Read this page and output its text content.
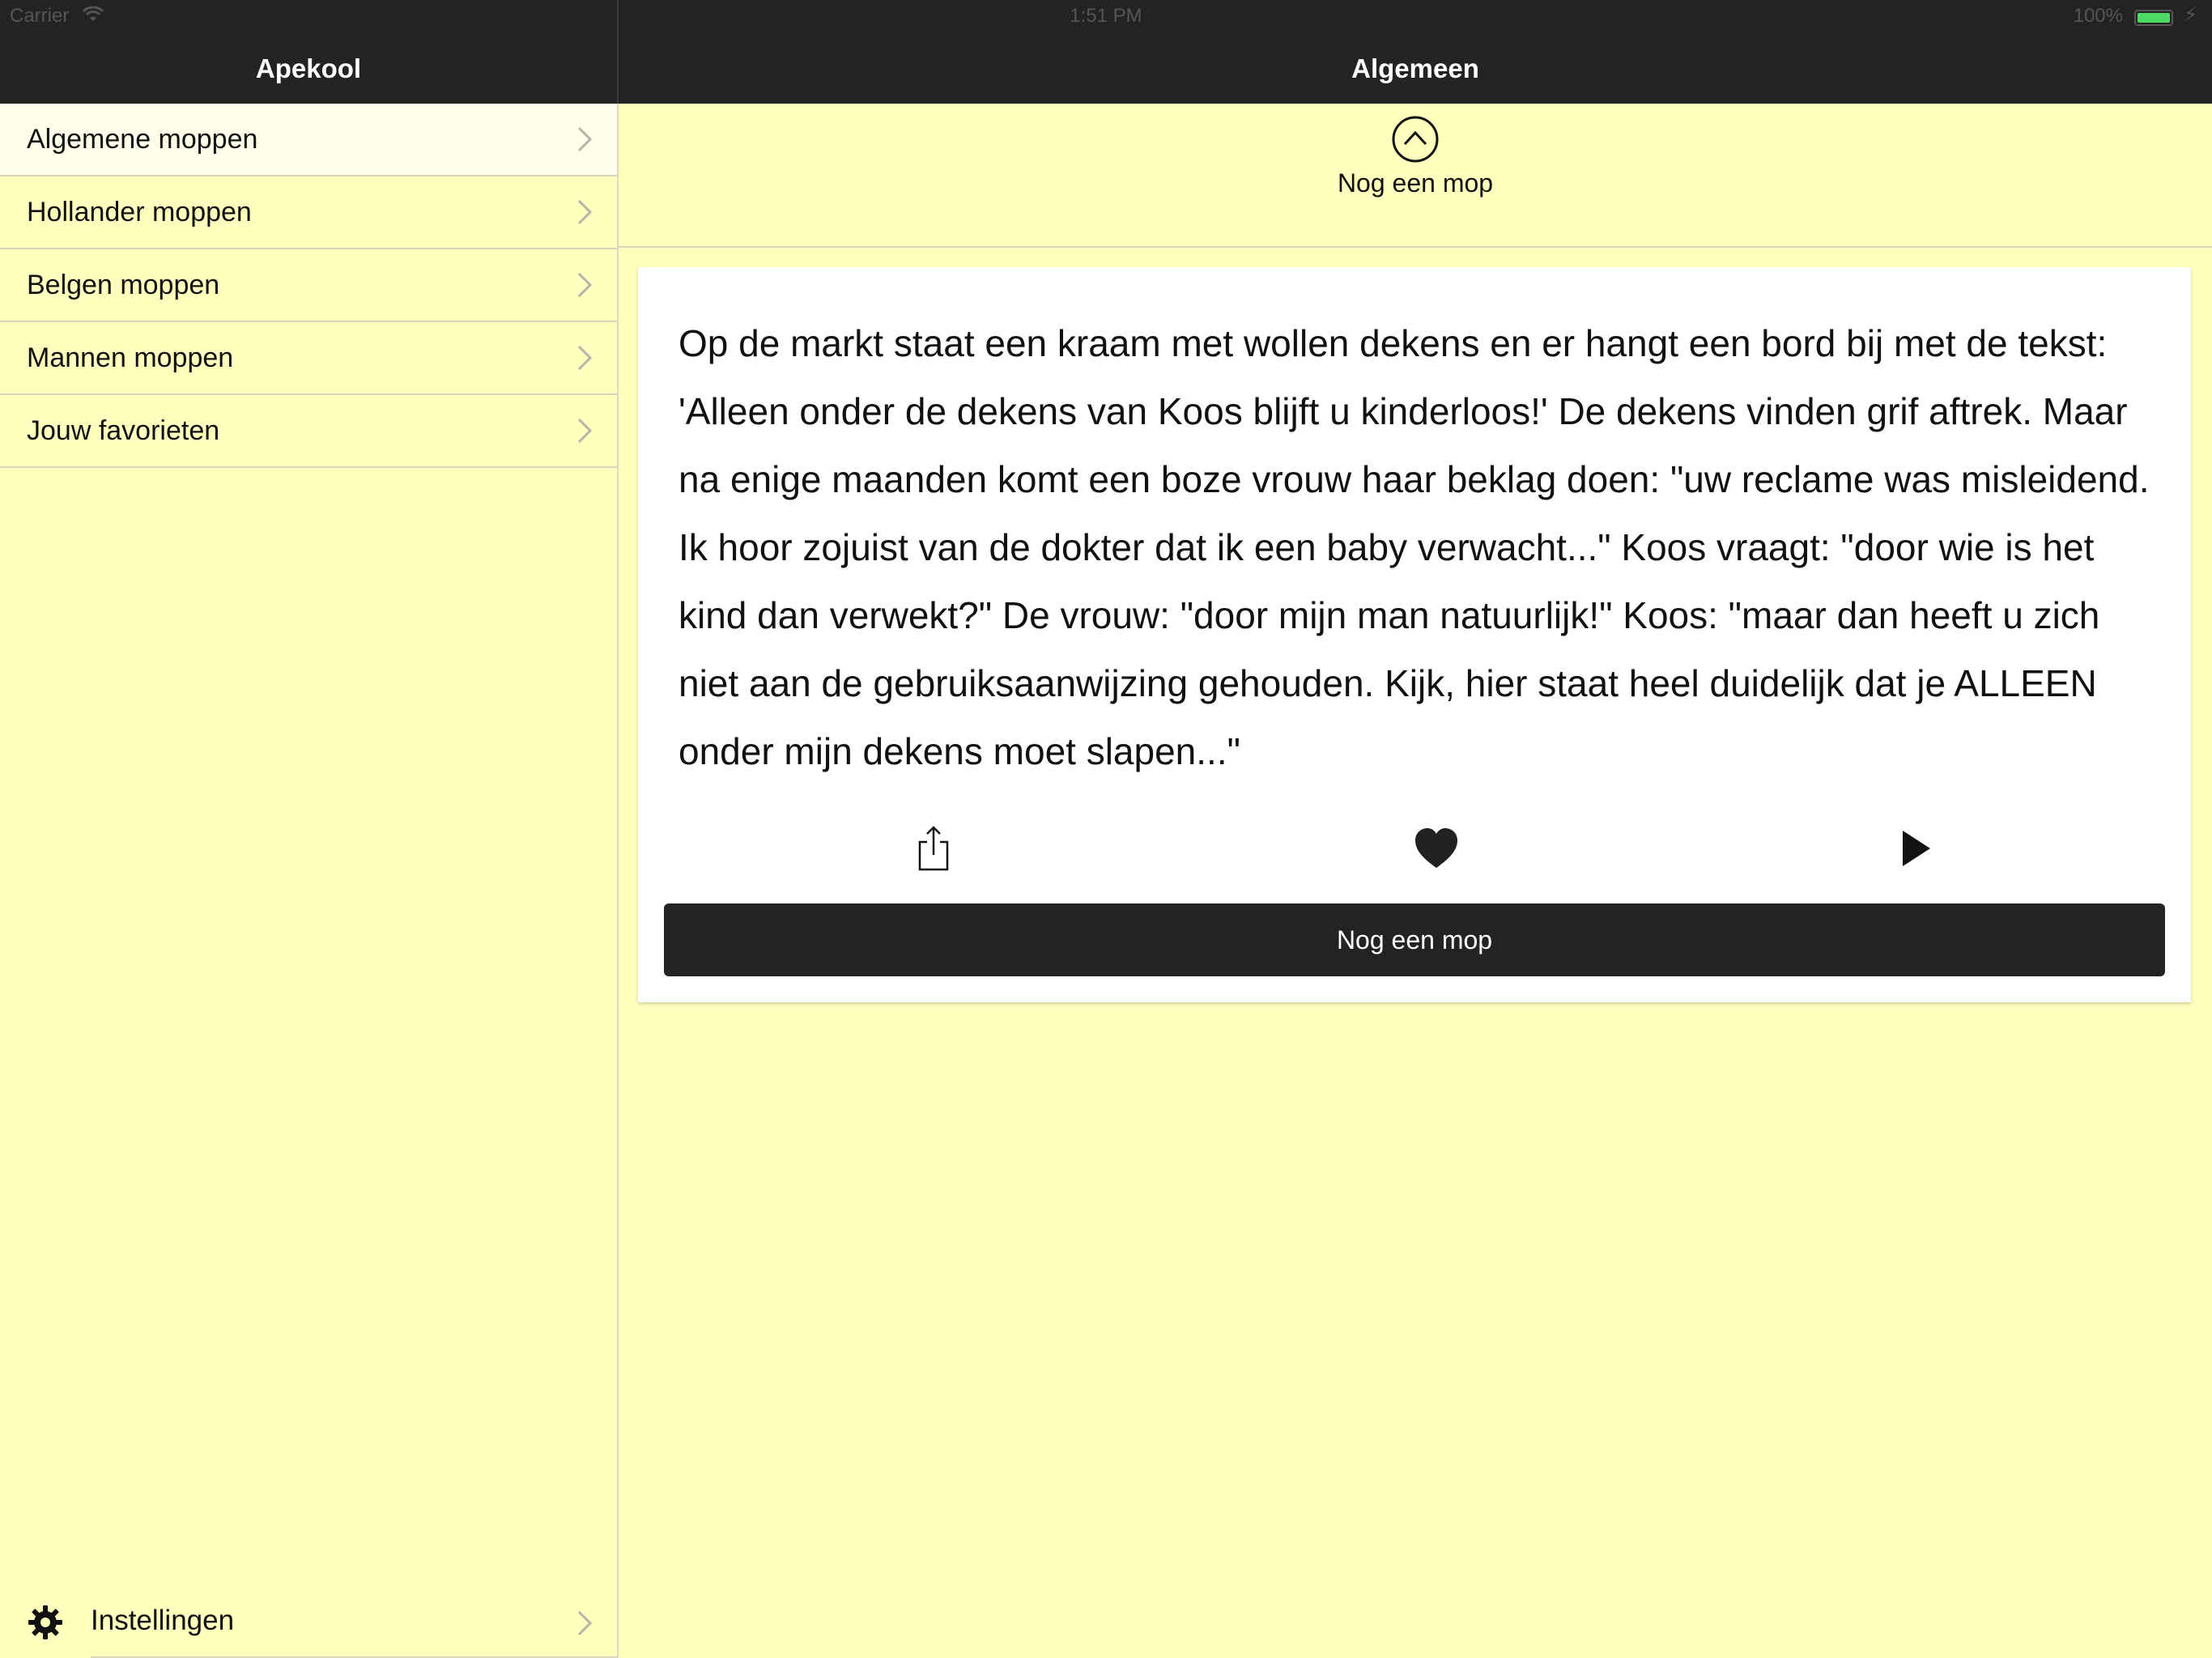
Carrier	1:51 PM	100%	⚡
Apekool	Algemeen
Algemene moppen
Hollander moppen
Belgen moppen
Mannen moppen
Jouw favorieten
Instellingen
Nog een mop
Op de markt staat een kraam met wollen dekens en er hangt een bord bij met de tekst: 'Alleen onder de dekens van Koos blijft u kinderloos!' De dekens vinden grif aftrek. Maar na enige maanden komt een boze vrouw haar beklag doen: "uw reclame was misleidend. Ik hoor zojuist van de dokter dat ik een baby verwacht..." Koos vraagt: "door wie is het kind dan verwekt?" De vrouw: "door mijn man natuurlijk!" Koos: "maar dan heeft u zich niet aan de gebruiksaanwijzing gehouden. Kijk, hier staat heel duidelijk dat je ALLEEN onder mijn dekens moet slapen..."
Nog een mop
